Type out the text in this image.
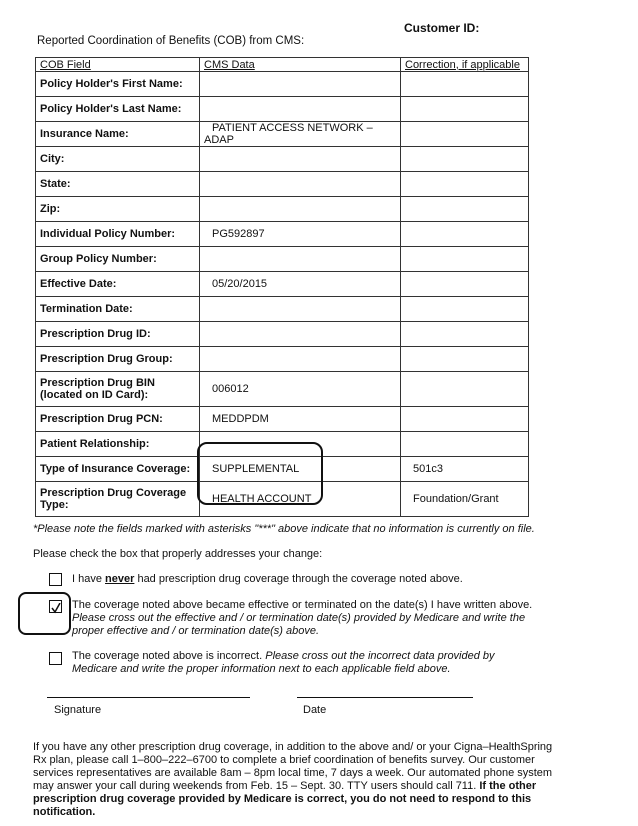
Customer ID:
Reported Coordination of Benefits (COB) from CMS:
COB Field	CMS Data	Correction, if applicable
Policy Holder's First Name:		
Policy Holder's Last Name:		
Insurance Name:	PATIENT ACCESS NETWORK – ADAP	
City:		
State:		
Zip:		
Individual Policy Number:	PG592897	
Group Policy Number:		
Effective Date:	05/20/2015	
Termination Date:		
Prescription Drug ID:		
Prescription Drug Group:		
Prescription Drug BIN (located on ID Card):	006012	
Prescription Drug PCN:	MEDDPDM	
Patient Relationship:		
Type of Insurance Coverage:	SUPPLEMENTAL	501c3
Prescription Drug Coverage Type:	HEALTH ACCOUNT	Foundation/Grant
*Please note the fields marked with asterisks "***" above indicate that no information is currently on file.
Please check the box that properly addresses your change:
I have never had prescription drug coverage through the coverage noted above.
The coverage noted above became effective or terminated on the date(s) I have written above. Please cross out the effective and / or termination date(s) provided by Medicare and write the proper effective and / or termination date(s) above.
The coverage noted above is incorrect. Please cross out the incorrect data provided by Medicare and write the proper information next to each applicable field above.
Signature	Date
If you have any other prescription drug coverage, in addition to the above and/ or your Cigna–HealthSpring Rx plan, please call 1–800–222–6700 to complete a brief coordination of benefits survey. Our customer services representatives are available 8am – 8pm local time, 7 days a week. Our automated phone system may answer your call during weekends from Feb. 15 – Sept. 30. TTY users should call 711. If the other prescription drug coverage provided by Medicare is correct, you do not need to respond to this notification.
